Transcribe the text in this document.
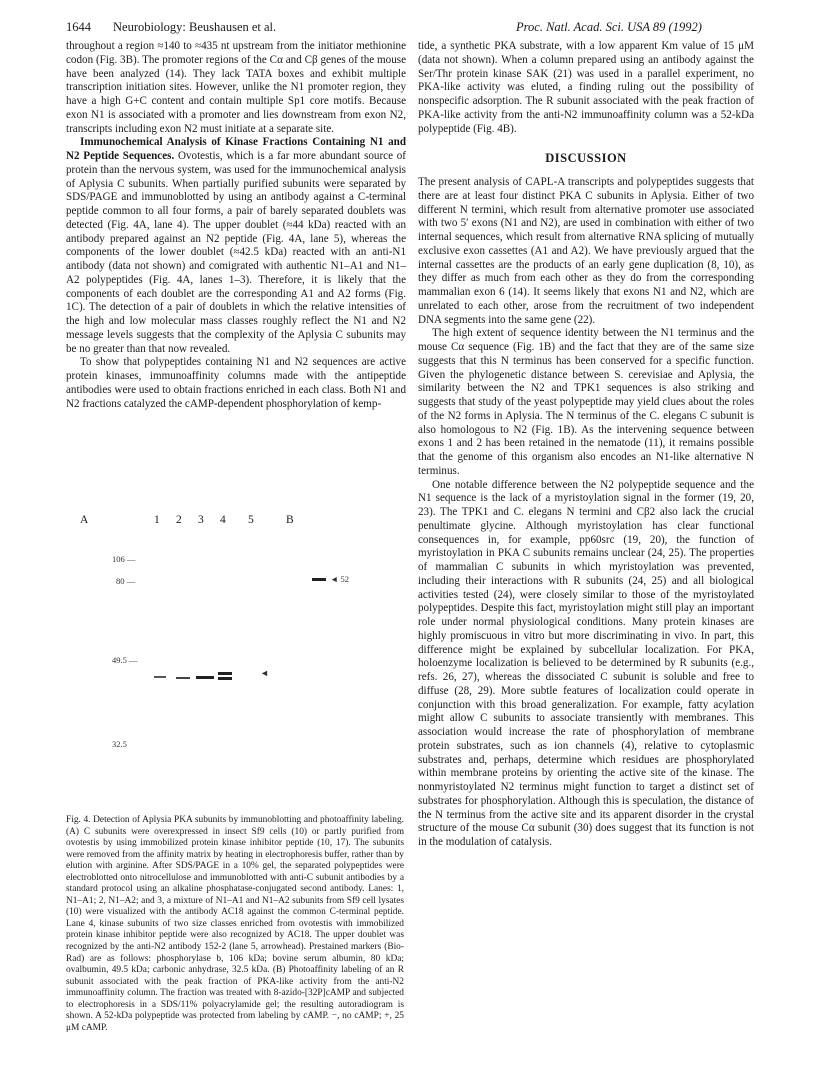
1644 Neurobiology: Beushausen et al.	Proc. Natl. Acad. Sci. USA 89 (1992)

throughout a region ≈140 to ≈435 nt upstream from the initiator methionine codon (Fig. 3B). The promoter regions of the Cα and Cβ genes of the mouse have been analyzed (14). They lack TATA boxes and exhibit multiple transcription initiation sites. However, unlike the N1 promoter region, they have a high G+C content and contain multiple Sp1 core motifs. Because exon N1 is associated with a promoter and lies downstream from exon N2, transcripts including exon N2 must initiate at a separate site.

Immunochemical Analysis of Kinase Fractions Containing N1 and N2 Peptide Sequences. Ovotestis, which is a far more abundant source of protein than the nervous system, was used for the immunochemical analysis of Aplysia C subunits. When partially purified subunits were separated by SDS/PAGE and immunoblotted by using an antibody against a C-terminal peptide common to all four forms, a pair of barely separated doublets was detected (Fig. 4A, lane 4). The upper doublet (≈44 kDa) reacted with an antibody prepared against an N2 peptide (Fig. 4A, lane 5), whereas the components of the lower doublet (≈42.5 kDa) reacted with an anti-N1 antibody (data not shown) and comigrated with authentic N1–A1 and N1–A2 polypeptides (Fig. 4A, lanes 1–3). Therefore, it is likely that the components of each doublet are the corresponding A1 and A2 forms (Fig. 1C). The detection of a pair of doublets in which the relative intensities of the high and low molecular mass classes roughly reflect the N1 and N2 message levels suggests that the complexity of the Aplysia C subunits may be no greater than that now revealed.

To show that polypeptides containing N1 and N2 sequences are active protein kinases, immunoaffinity columns made with the antipeptide antibodies were used to obtain fractions enriched in each class. Both N1 and N2 fractions catalyzed the cAMP-dependent phosphorylation of kemp-

A	1 2 3 4 5	B
106 —
80 —
49.5 —
32.5
◄
◄ 52
Fig. 4. Detection of Aplysia PKA subunits by immunoblotting and photoaffinity labeling. (A) C subunits were overexpressed in insect Sf9 cells (10) or partly purified from ovotestis by using immobilized protein kinase inhibitor peptide (10, 17). The subunits were removed from the affinity matrix by heating in electrophoresis buffer, rather than by elution with arginine. After SDS/PAGE in a 10% gel, the separated polypeptides were electroblotted onto nitrocellulose and immunoblotted with anti-C subunit antibodies by a standard protocol using an alkaline phosphatase-conjugated second antibody. Lanes: 1, N1–A1; 2, N1–A2; and 3, a mixture of N1–A1 and N1–A2 subunits from Sf9 cell lysates (10) were visualized with the antibody AC18 against the common C-terminal peptide. Lane 4, kinase subunits of two size classes enriched from ovotestis with immobilized protein kinase inhibitor peptide were also recognized by AC18. The upper doublet was recognized by the anti-N2 antibody 152-2 (lane 5, arrowhead). Prestained markers (Bio-Rad) are as follows: phosphorylase b, 106 kDa; bovine serum albumin, 80 kDa; ovalbumin, 49.5 kDa; carbonic anhydrase, 32.5 kDa. (B) Photoaffinity labeling of an R subunit associated with the peak fraction of PKA-like activity from the anti-N2 immunoaffinity column. The fraction was treated with 8-azido-[32P]cAMP and subjected to electrophoresis in a SDS/11% polyacrylamide gel; the resulting autoradiogram is shown. A 52-kDa polypeptide was protected from labeling by cAMP. −, no cAMP; +, 25 μM cAMP.

tide, a synthetic PKA substrate, with a low apparent Km value of 15 μM (data not shown). When a column prepared using an antibody against the Ser/Thr protein kinase SAK (21) was used in a parallel experiment, no PKA-like activity was eluted, a finding ruling out the possibility of nonspecific adsorption. The R subunit associated with the peak fraction of PKA-like activity from the anti-N2 immunoaffinity column was a 52-kDa polypeptide (Fig. 4B).

DISCUSSION

The present analysis of CAPL-A transcripts and polypeptides suggests that there are at least four distinct PKA C subunits in Aplysia. Either of two different N termini, which result from alternative promoter use associated with two 5′ exons (N1 and N2), are used in combination with either of two internal sequences, which result from alternative RNA splicing of mutually exclusive exon cassettes (A1 and A2). We have previously argued that the internal cassettes are the products of an early gene duplication (8, 10), as they differ as much from each other as they do from the corresponding mammalian exon 6 (14). It seems likely that exons N1 and N2, which are unrelated to each other, arose from the recruitment of two independent DNA segments into the same gene (22).

The high extent of sequence identity between the N1 terminus and the mouse Cα sequence (Fig. 1B) and the fact that they are of the same size suggests that this N terminus has been conserved for a specific function. Given the phylogenetic distance between S. cerevisiae and Aplysia, the similarity between the N2 and TPK1 sequences is also striking and suggests that study of the yeast polypeptide may yield clues about the roles of the N2 forms in Aplysia. The N terminus of the C. elegans C subunit is also homologous to N2 (Fig. 1B). As the intervening sequence between exons 1 and 2 has been retained in the nematode (11), it remains possible that the genome of this organism also encodes an N1-like alternative N terminus.

One notable difference between the N2 polypeptide sequence and the N1 sequence is the lack of a myristoylation signal in the former (19, 20, 23). The TPK1 and C. elegans N termini and Cβ2 also lack the crucial penultimate glycine. Although myristoylation has clear functional consequences in, for example, pp60src (19, 20), the function of myristoylation in PKA C subunits remains unclear (24, 25). The properties of mammalian C subunits in which myristoylation was prevented, including their interactions with R subunits (24, 25) and all biological activities tested (24), were closely similar to those of the myristoylated polypeptides. Despite this fact, myristoylation might still play an important role under normal physiological conditions. Many protein kinases are highly promiscuous in vitro but more discriminating in vivo. In part, this difference might be explained by subcellular localization. For PKA, holoenzyme localization is believed to be determined by R subunits (e.g., refs. 26, 27), whereas the dissociated C subunit is soluble and free to diffuse (28, 29). More subtle features of localization could operate in conjunction with this broad generalization. For example, fatty acylation might allow C subunits to associate transiently with membranes. This association would increase the rate of phosphorylation of membrane protein substrates, such as ion channels (4), relative to cytoplasmic substrates and, perhaps, determine which residues are phosphorylated within membrane proteins by orienting the active site of the kinase. The nonmyristoylated N2 terminus might function to target a distinct set of substrates for phosphorylation. Although this is speculation, the distance of the N terminus from the active site and its apparent disorder in the crystal structure of the mouse Cα subunit (30) does suggest that its function is not in the modulation of catalysis.
